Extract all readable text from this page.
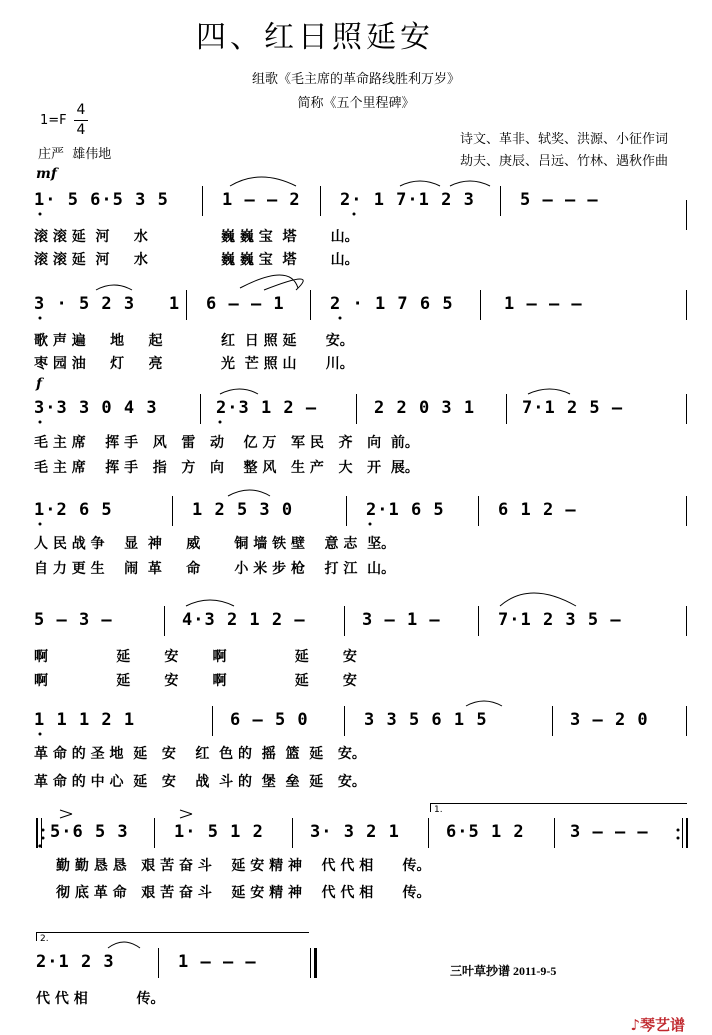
四、红日照延安
组歌《毛主席的革命路线胜利万岁》
简称《五个里程碑》
1=F
4
4
庄严  雄伟地
诗文、革非、轼奖、洪源、小征作词
劫夫、庚辰、吕远、竹林、遇秋作曲
mf
1· 5 6·5 3 5	1 – – 2 2· 1 7·1 2 3	5 – – –
滚 滚 延  河     水               巍 巍 宝  塔       山。
滚 滚 延  河     水               巍 巍 宝  塔       山。
3 · 5 2 3   1 6 – – 1	2 · 1 7 6 5	1 – – –
歌 声 遍     地     起            红  日 照 延      安。
枣 园 油     灯     亮            光  芒 照 山      川。
f
3·3 3 0 4 3	2·3 1 2 –	2 2 0 3 1	7·1 2 5 –
毛 主 席    挥 手   风   雷   动    亿 万   军 民   齐   向  前。
毛 主 席    挥 手   指   方   向    整 风   生 产   大   开  展。
1·2 6 5	1 2 5 3 0	2·1 6 5	6 1 2 –
人 民 战 争    显  神     威       铜 墙 铁 壁    意 志  坚。
自 力 更 生    闹  革     命       小 米 步 枪    打 江  山。
5 – 3 –	4·3 2 1 2 –	3 – 1 –	7·1 2 3 5 –
啊              延       安       啊              延       安
啊              延       安       啊              延       安
1 1 1 2 1	6 – 5 0	3 3 5 6 1 5	3 – 2 0
革 命 的 圣 地  延   安    红  色 的  摇  篮  延   安。
革 命 的 中 心  延   安    战  斗 的  堡  垒  延   安。
5·6 5 3	1· 5 1 2	3· 3 2 1
1.
6·5 1 2	3 – – –
勤 勤 恳 恳   艰 苦 奋 斗    延 安 精 神    代 代 相      传。
彻 底 革 命   艰 苦 奋 斗    延 安 精 神    代 代 相      传。
2.
2·1 2 3	1 – – –
代 代 相          传。
三叶草抄谱 2011-9-5

♪琴艺谱
